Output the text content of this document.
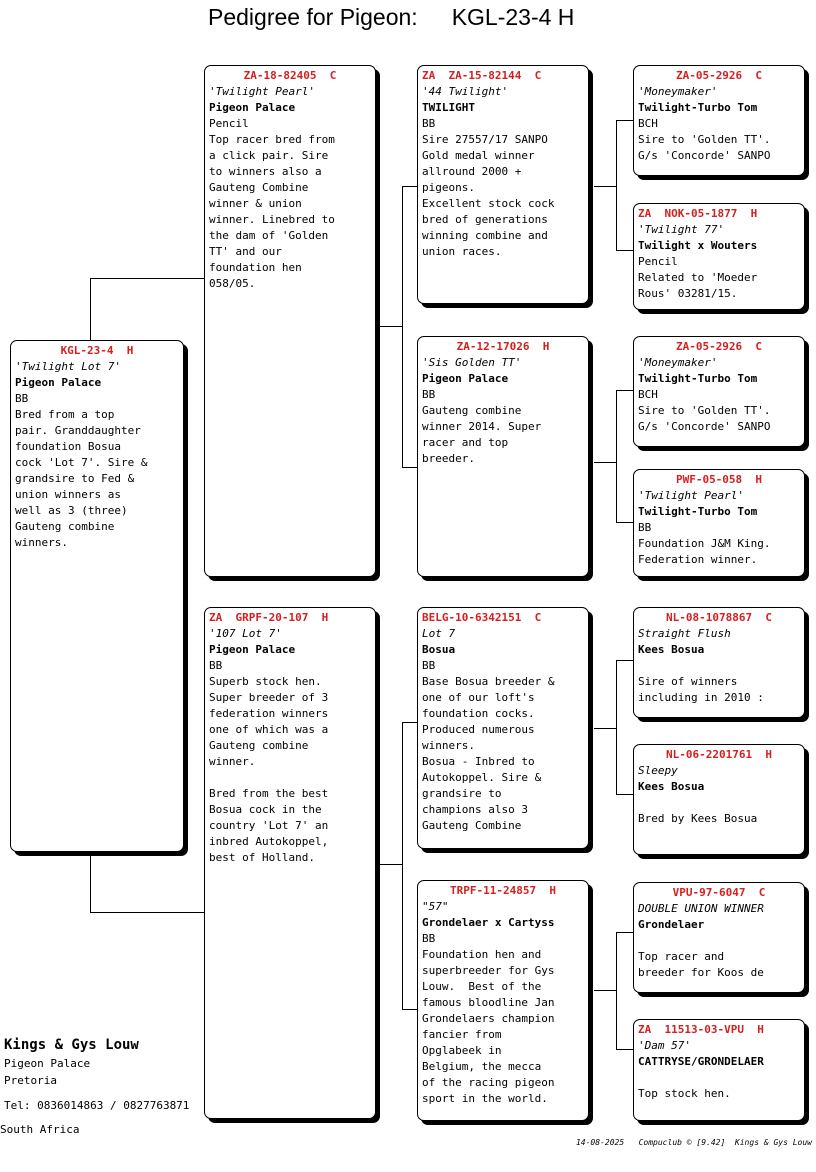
Pedigree for Pigeon: KGL-23-4 H
KGL-23-4  H
'Twilight Lot 7'
Pigeon Palace
BB
Bred from a top
pair. Granddaughter
foundation Bosua
cock 'Lot 7'. Sire &
grandsire to Fed &
union winners as
well as 3 (three)
Gauteng combine
winners.
ZA-18-82405  C
'Twilight Pearl'
Pigeon Palace
Pencil
Top racer bred from
a click pair. Sire
to winners also a
Gauteng Combine
winner & union
winner. Linebred to
the dam of 'Golden
TT' and our
foundation hen
058/05.
ZA  GRPF-20-107  H
'107 Lot 7'
Pigeon Palace
BB
Superb stock hen.
Super breeder of 3
federation winners
one of which was a
Gauteng combine
winner.

Bred from the best
Bosua cock in the
country 'Lot 7' an
inbred Autokoppel,
best of Holland.
ZA  ZA-15-82144  C
'44 Twilight'
TWILIGHT
BB
Sire 27557/17 SANPO
Gold medal winner
allround 2000 +
pigeons.
Excellent stock cock
bred of generations
winning combine and
union races.
ZA-12-17026  H
'Sis Golden TT'
Pigeon Palace
BB
Gauteng combine
winner 2014. Super
racer and top
breeder.
BELG-10-6342151  C
Lot 7
Bosua
BB
Base Bosua breeder &
one of our loft's
foundation cocks.
Produced numerous
winners.
Bosua - Inbred to
Autokoppel. Sire &
grandsire to
champions also 3
Gauteng Combine
TRPF-11-24857  H
"57"
Grondelaer x Cartyss
BB
Foundation hen and
superbreeder for Gys
Louw.  Best of the
famous bloodline Jan
Grondelaers champion
fancier from
Opglabeek in
Belgium, the mecca
of the racing pigeon
sport in the world.
ZA-05-2926  C
'Moneymaker'
Twilight-Turbo Tom
BCH
Sire to 'Golden TT'.
G/s 'Concorde' SANPO
ZA  NOK-05-1877  H
'Twilight 77'
Twilight x Wouters
Pencil
Related to 'Moeder
Rous' 03281/15.
ZA-05-2926  C
'Moneymaker'
Twilight-Turbo Tom
BCH
Sire to 'Golden TT'.
G/s 'Concorde' SANPO
PWF-05-058  H
'Twilight Pearl'
Twilight-Turbo Tom
BB
Foundation J&M King.
Federation winner.
NL-08-1078867  C
Straight Flush
Kees Bosua
Sire of winners
including in 2010 :
NL-06-2201761  H
Sleepy
Kees Bosua
Bred by Kees Bosua
VPU-97-6047  C
DOUBLE UNION WINNER
Grondelaer
Top racer and
breeder for Koos de
ZA  11513-03-VPU  H
'Dam 57'
CATTRYSE/GRONDELAER
Top stock hen.
Kings & Gys Louw
Pigeon Palace
Pretoria
Tel: 0836014863 / 0827763871
South Africa
14-08-2025   Compuclub © [9.42]  Kings & Gys Louw
